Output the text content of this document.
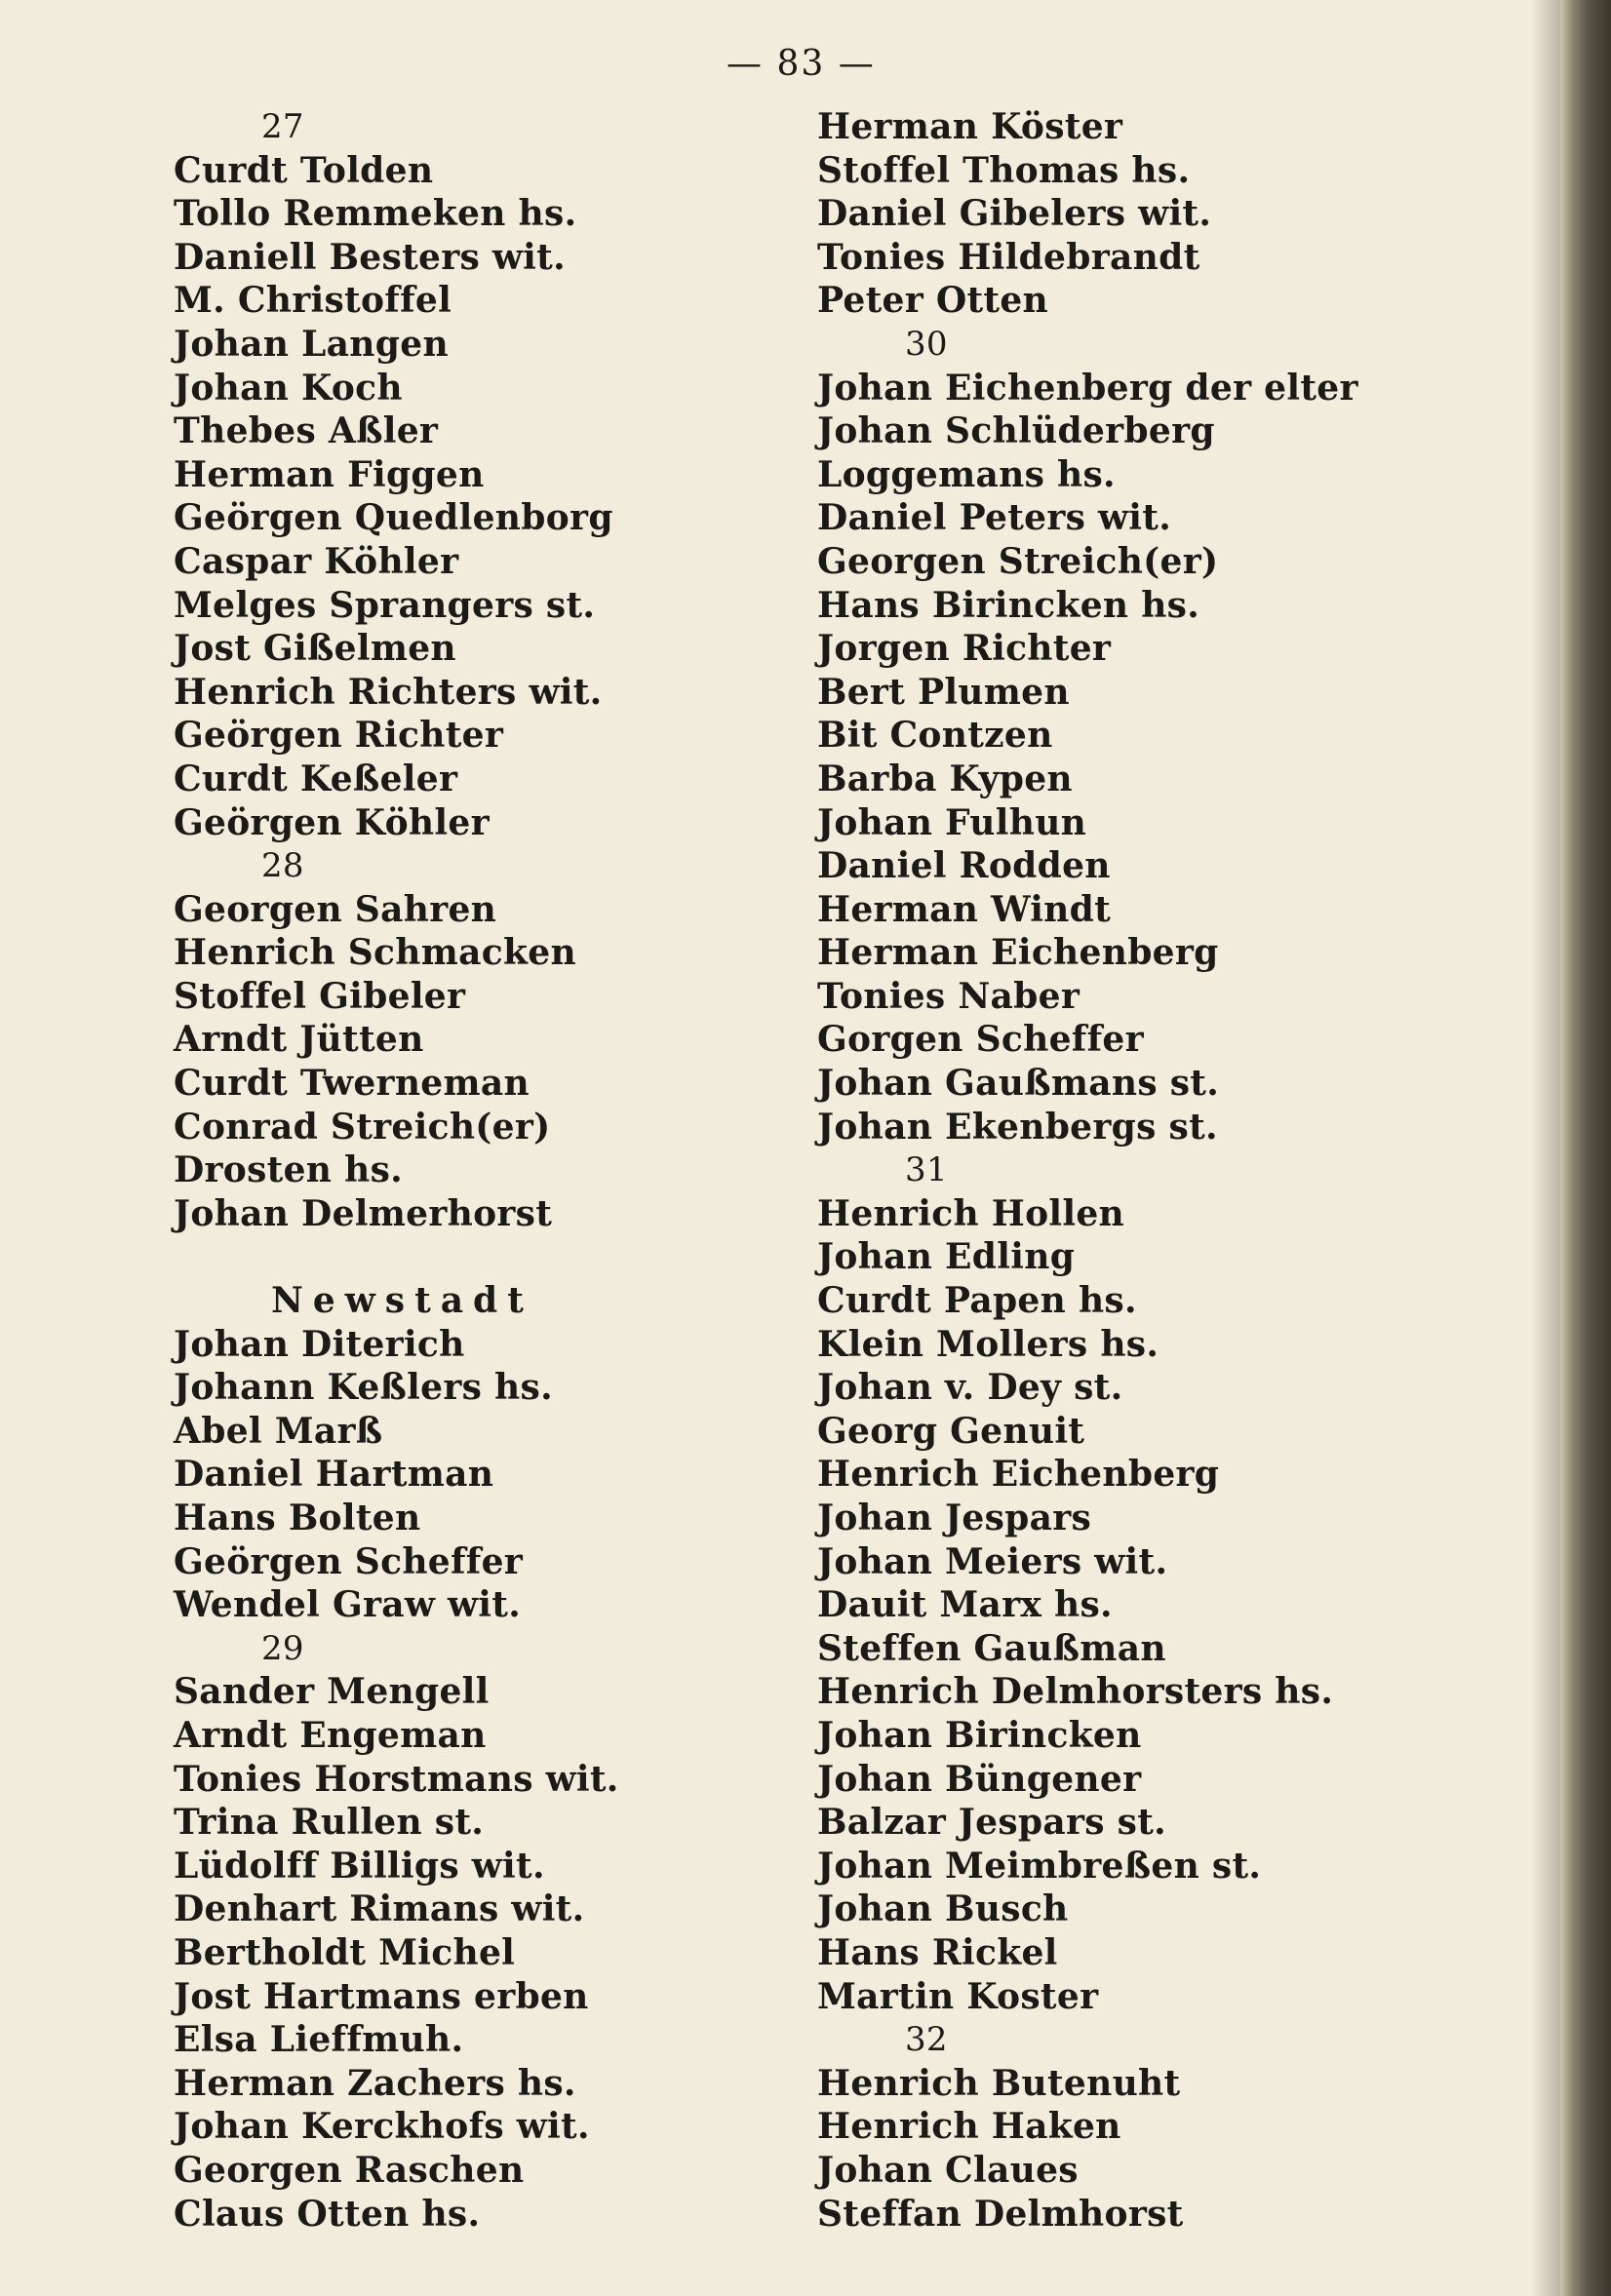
— 83 —
27
Curdt Tolden
Tollo Remmeken hs.
Daniell Besters wit.
M. Christoffel
Johan Langen
Johan Koch
Thebes Aßler
Herman Figgen
Geörgen Quedlenborg
Caspar Köhler
Melges Sprangers st.
Jost Gißelmen
Henrich Richters wit.
Geörgen Richter
Curdt Keßeler
Geörgen Köhler
28
Georgen Sahren
Henrich Schmacken
Stoffel Gibeler
Arndt Jütten
Curdt Twerneman
Conrad Streich(er)
Drosten hs.
Johan Delmerhorst
Newstadt
Johan Diterich
Johann Keßlers hs.
Abel Marß
Daniel Hartman
Hans Bolten
Geörgen Scheffer
Wendel Graw wit.
29
Sander Mengell
Arndt Engeman
Tonies Horstmans wit.
Trina Rullen st.
Lüdolff Billigs wit.
Denhart Rimans wit.
Bertholdt Michel
Jost Hartmans erben
Elsa Lieffmuh.
Herman Zachers hs.
Johan Kerckhofs wit.
Georgen Raschen
Claus Otten hs.
Herman Köster
Stoffel Thomas hs.
Daniel Gibelers wit.
Tonies Hildebrandt
Peter Otten
30
Johan Eichenberg der elter
Johan Schlüderberg
Loggemans hs.
Daniel Peters wit.
Georgen Streich(er)
Hans Birincken hs.
Jorgen Richter
Bert Plumen
Bit Contzen
Barba Kypen
Johan Fulhun
Daniel Rodden
Herman Windt
Herman Eichenberg
Tonies Naber
Gorgen Scheffer
Johan Gaußmans st.
Johan Ekenbergs st.
31
Henrich Hollen
Johan Edling
Curdt Papen hs.
Klein Mollers hs.
Johan v. Dey st.
Georg Genuit
Henrich Eichenberg
Johan Jespars
Johan Meiers wit.
Dauit Marx hs.
Steffen Gaußman
Henrich Delmhorsters hs.
Johan Birincken
Johan Büngener
Balzar Jespars st.
Johan Meimbreßen st.
Johan Busch
Hans Rickel
Martin Koster
32
Henrich Butenuht
Henrich Haken
Johan Claues
Steffan Delmhorst
